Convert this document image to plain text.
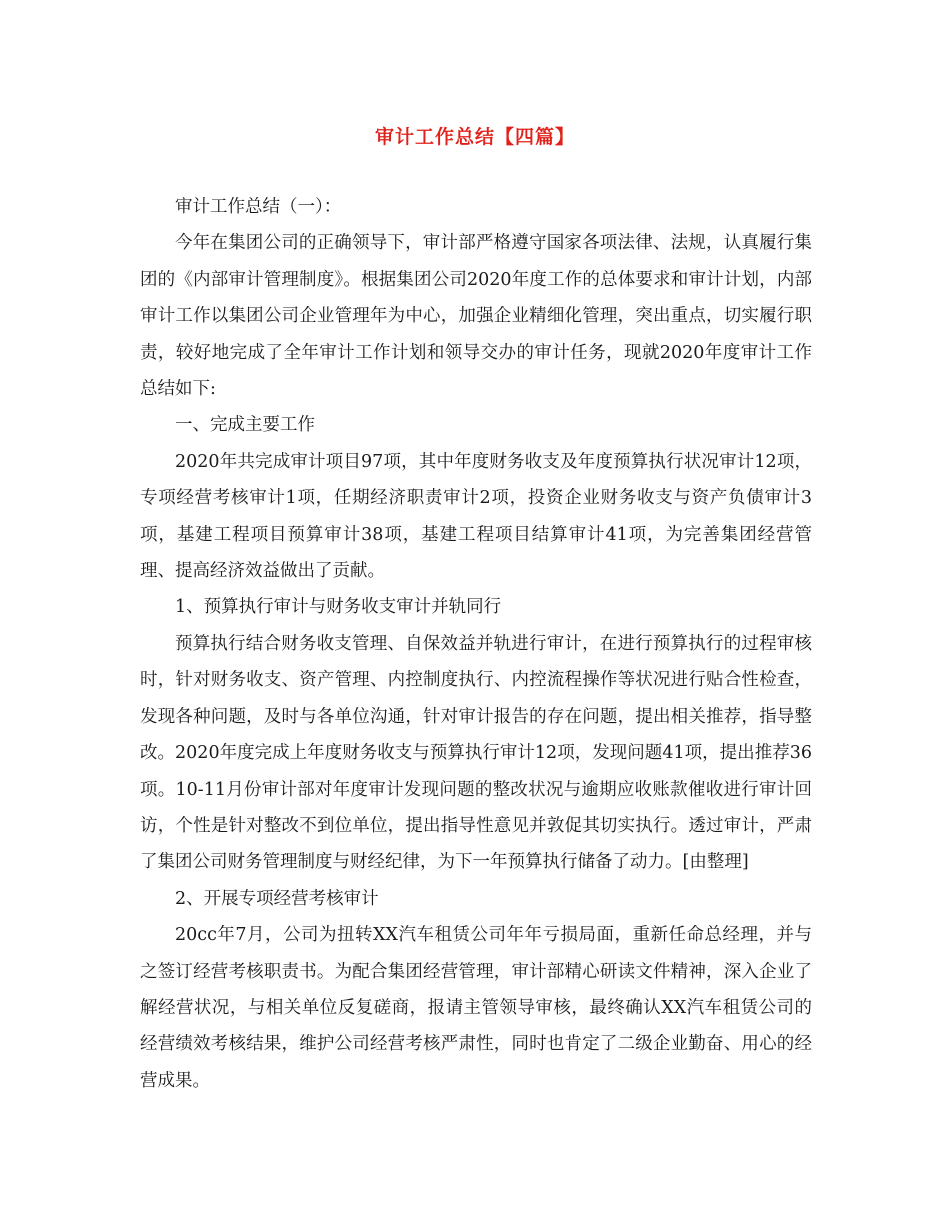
审计工作总结【四篇】

审计工作总结（一）：

今年在集团公司的正确领导下，审计部严格遵守国家各项法律、法规，认真履行集团的《内部审计管理制度》。根据集团公司2020年度工作的总体要求和审计计划，内部审计工作以集团公司企业管理年为中心，加强企业精细化管理，突出重点，切实履行职责，较好地完成了全年审计工作计划和领导交办的审计任务，现就2020年度审计工作总结如下:

一、完成主要工作

2020年共完成审计项目97项，其中年度财务收支及年度预算执行状况审计12项，专项经营考核审计1项，任期经济职责审计2项，投资企业财务收支与资产负债审计3项，基建工程项目预算审计38项，基建工程项目结算审计41项，为完善集团经营管理、提高经济效益做出了贡献。

1、预算执行审计与财务收支审计并轨同行

预算执行结合财务收支管理、自保效益并轨进行审计，在进行预算执行的过程审核时，针对财务收支、资产管理、内控制度执行、内控流程操作等状况进行贴合性检查，发现各种问题，及时与各单位沟通，针对审计报告的存在问题，提出相关推荐，指导整改。2020年度完成上年度财务收支与预算执行审计12项，发现问题41项，提出推荐36项。10-11月份审计部对年度审计发现问题的整改状况与逾期应收账款催收进行审计回访，个性是针对整改不到位单位，提出指导性意见并敦促其切实执行。透过审计，严肃了集团公司财务管理制度与财经纪律，为下一年预算执行储备了动力。[由整理]

2、开展专项经营考核审计

20cc年7月，公司为扭转XX汽车租赁公司年年亏损局面，重新任命总经理，并与之签订经营考核职责书。为配合集团经营管理，审计部精心研读文件精神，深入企业了解经营状况，与相关单位反复磋商，报请主管领导审核，最终确认XX汽车租赁公司的经营绩效考核结果，维护公司经营考核严肃性，同时也肯定了二级企业勤奋、用心的经营成果。
